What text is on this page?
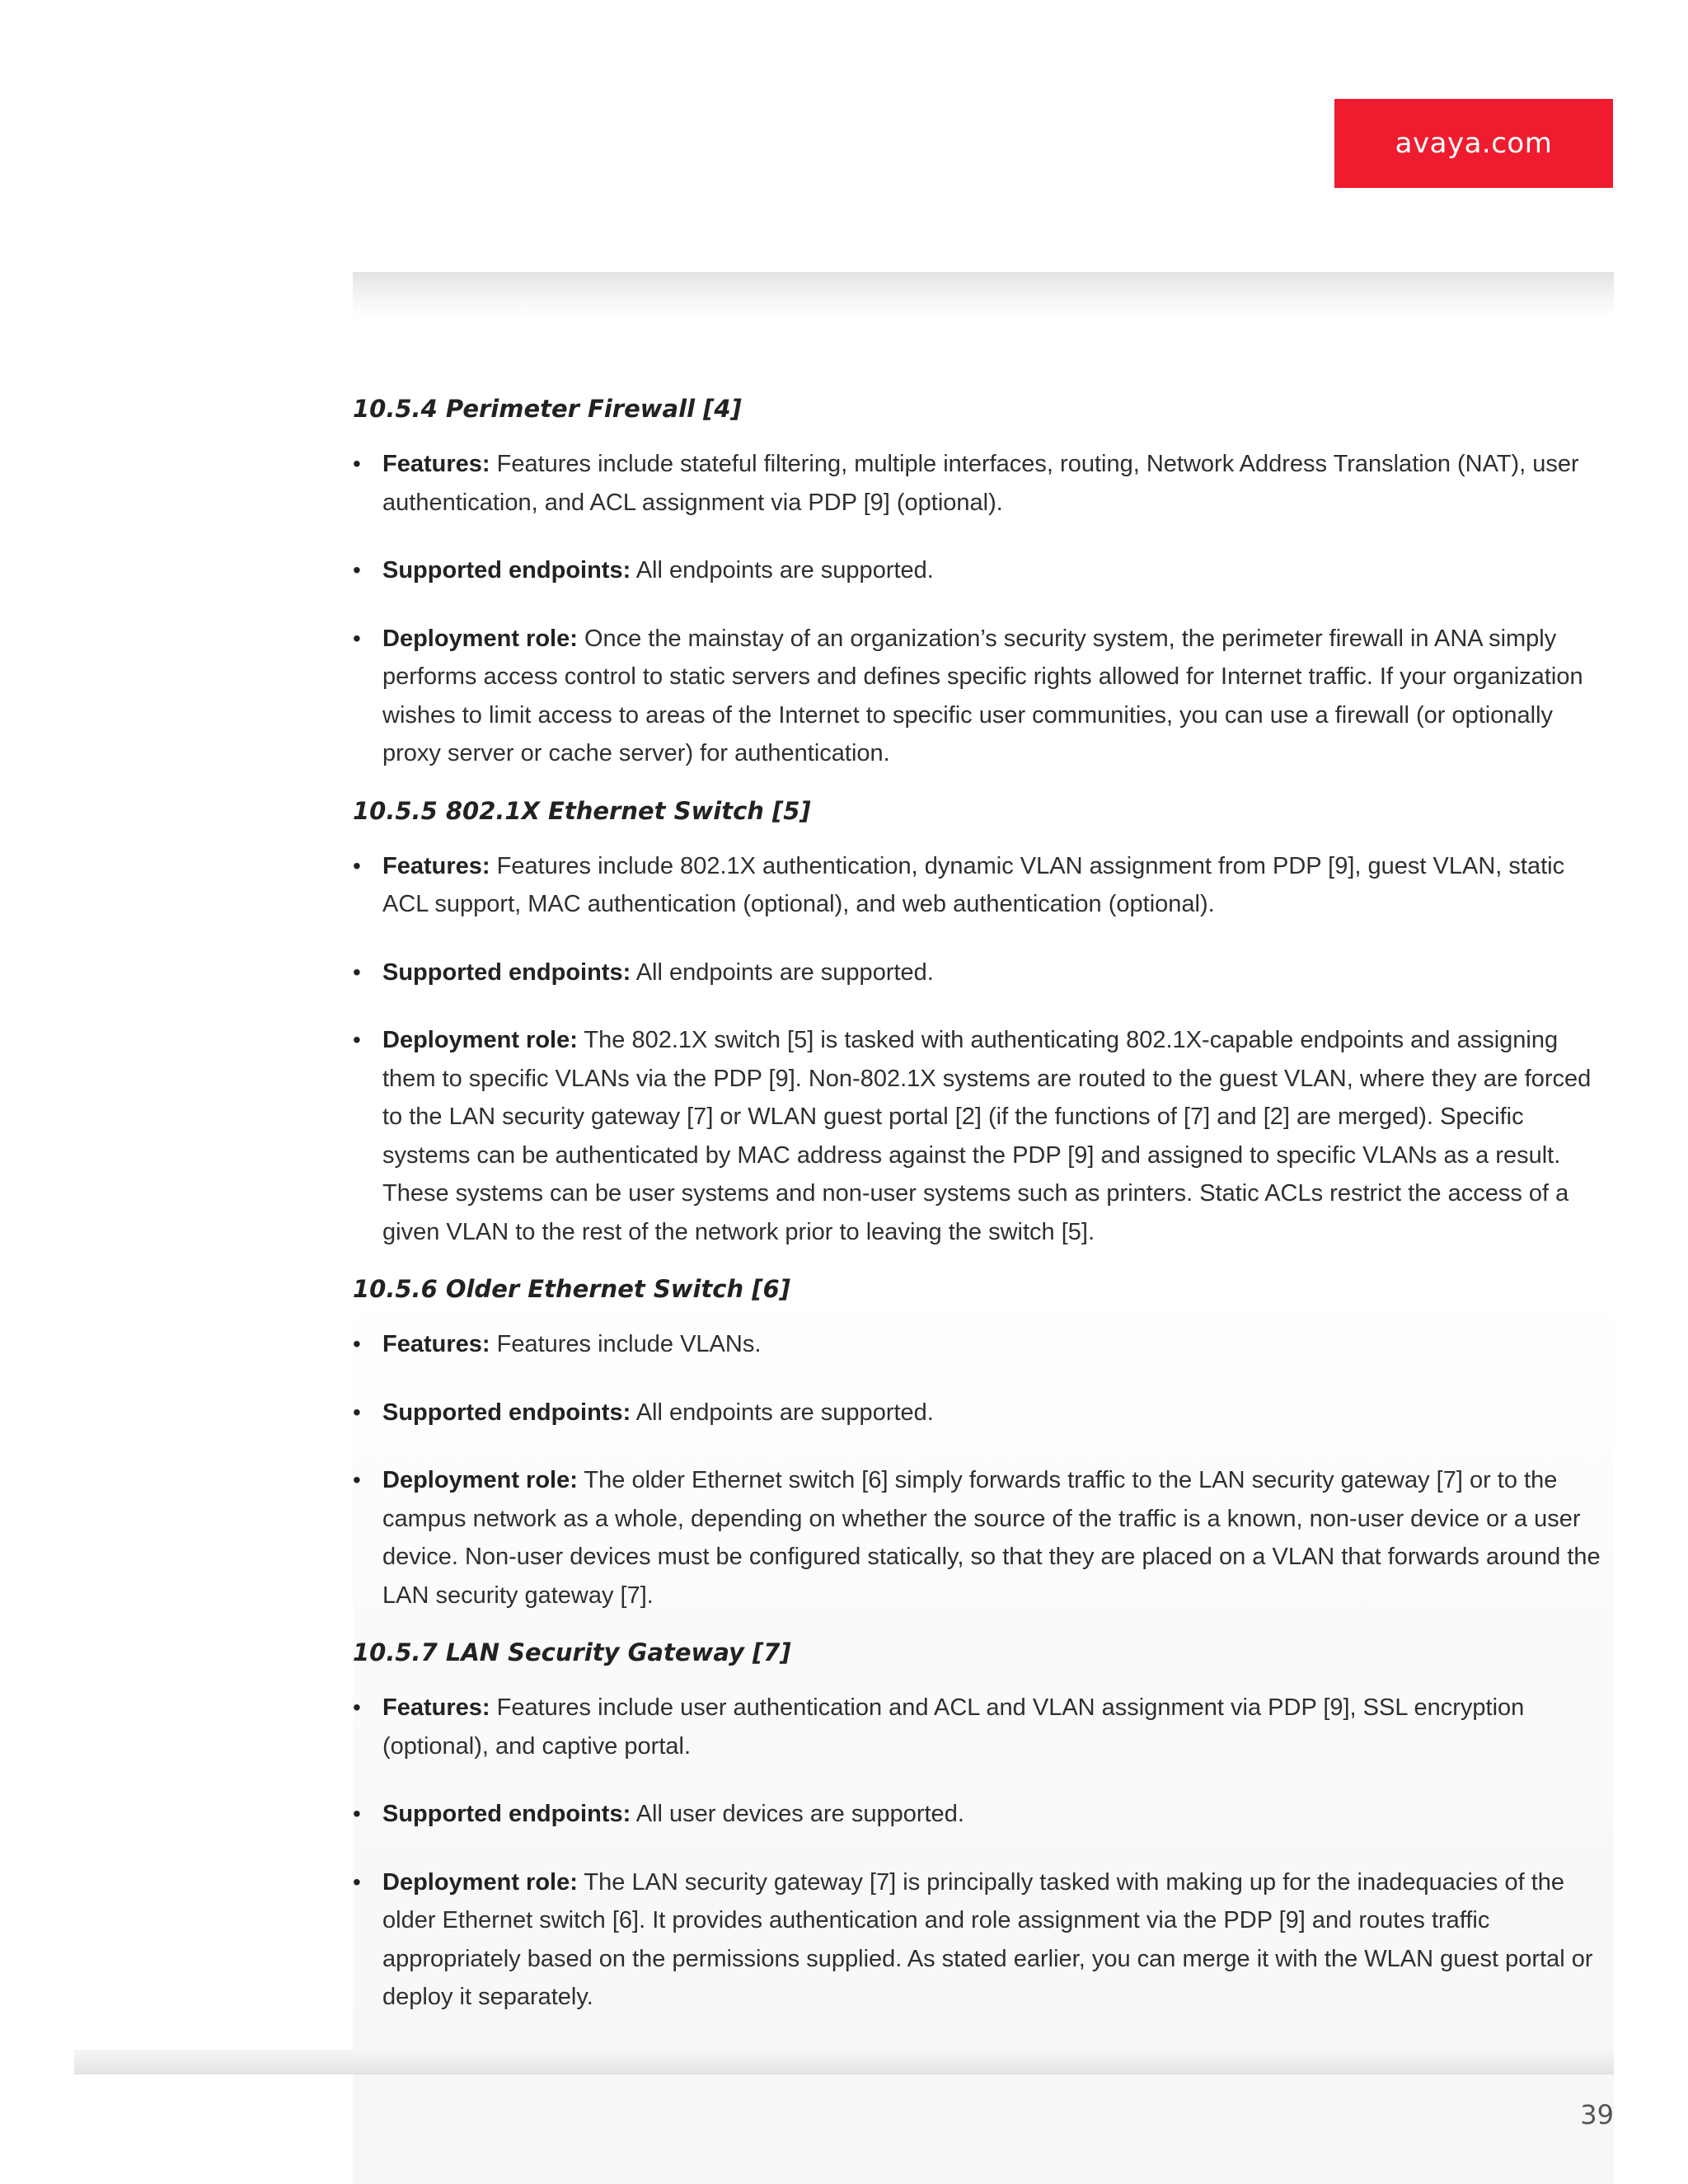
avaya.com
10.5.4 Perimeter Firewall [4]
• Features: Features include stateful filtering, multiple interfaces, routing, Network Address Translation (NAT), user authentication, and ACL assignment via PDP [9] (optional).
• Supported endpoints: All endpoints are supported.
• Deployment role: Once the mainstay of an organization’s security system, the perimeter firewall in ANA simply performs access control to static servers and defines specific rights allowed for Internet traffic. If your organization wishes to limit access to areas of the Internet to specific user communities, you can use a firewall (or optionally proxy server or cache server) for authentication.
10.5.5 802.1X Ethernet Switch [5]
• Features: Features include 802.1X authentication, dynamic VLAN assignment from PDP [9], guest VLAN, static ACL support, MAC authentication (optional), and web authentication (optional).
• Supported endpoints: All endpoints are supported.
• Deployment role: The 802.1X switch [5] is tasked with authenticating 802.1X-capable endpoints and assigning them to specific VLANs via the PDP [9]. Non-802.1X systems are routed to the guest VLAN, where they are forced to the LAN security gateway [7] or WLAN guest portal [2] (if the functions of [7] and [2] are merged). Specific systems can be authenticated by MAC address against the PDP [9] and assigned to specific VLANs as a result. These systems can be user systems and non-user systems such as printers. Static ACLs restrict the access of a given VLAN to the rest of the network prior to leaving the switch [5].
10.5.6 Older Ethernet Switch [6]
• Features: Features include VLANs.
• Supported endpoints: All endpoints are supported.
• Deployment role: The older Ethernet switch [6] simply forwards traffic to the LAN security gateway [7] or to the campus network as a whole, depending on whether the source of the traffic is a known, non-user device or a user device. Non-user devices must be configured statically, so that they are placed on a VLAN that forwards around the LAN security gateway [7].
10.5.7 LAN Security Gateway [7]
• Features: Features include user authentication and ACL and VLAN assignment via PDP [9], SSL encryption (optional), and captive portal.
• Supported endpoints: All user devices are supported.
• Deployment role: The LAN security gateway [7] is principally tasked with making up for the inadequacies of the older Ethernet switch [6]. It provides authentication and role assignment via the PDP [9] and routes traffic appropriately based on the permissions supplied. As stated earlier, you can merge it with the WLAN guest portal or deploy it separately.
39
